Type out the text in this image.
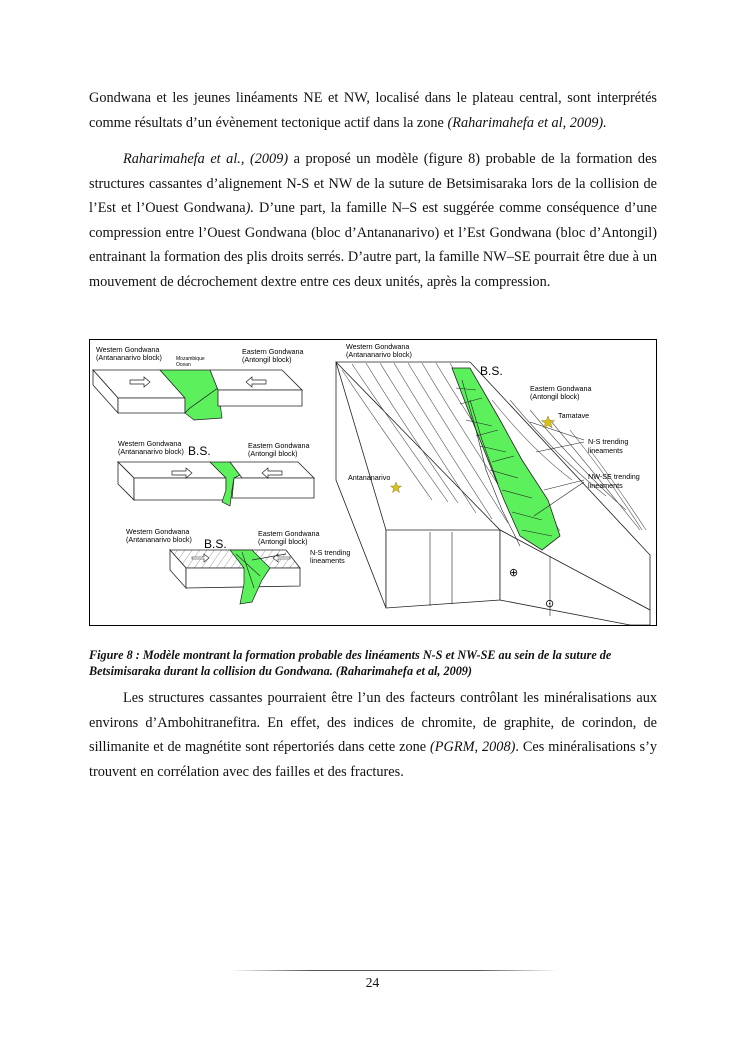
Gondwana et les jeunes linéaments NE et NW, localisé dans le plateau central, sont interprétés comme résultats d’un évènement tectonique actif dans la zone (Raharimahefa et al, 2009).

Raharimahefa et al., (2009) a proposé un modèle (figure 8) probable de la formation des structures cassantes d’alignement N-S et NW de la suture de Betsimisaraka lors de la collision de l’Est et l’Ouest Gondwana). D’une part, la famille N–S est suggérée comme conséquence d’une compression entre l’Ouest Gondwana (bloc d’Antananarivo) et l’Est Gondwana (bloc d’Antongil) entrainant la formation des plis droits serrés. D’autre part, la famille NW–SE pourrait être due à un mouvement de décrochement dextre entre ces deux unités, après la compression.

Western Gondwana
(Antananarivo block)	Mozambique
Ocean
Eastern Gondwana
(Antongil block)
Western Gondwana
(Antananarivo block) B.S.	Eastern Gondwana
(Antongil block)
Western Gondwana
(Antananarivo block) B.S.
Eastern Gondwana
(Antongil block)
N-S trending
lineaments
Western Gondwana
(Antananarivo block)
B.S.
Eastern Gondwana
(Antongil block)
Tamatave
Antananarivo
N-S trending
lineaments
NW-SE trending
lineaments
⊕
⊙

Figure 8 : Modèle montrant la formation probable des linéaments N-S et NW-SE au sein de la suture de Betsimisaraka durant la collision du Gondwana. (Raharimahefa et al, 2009)

Les structures cassantes pourraient être l’un des facteurs contrôlant les minéralisations aux environs d’Ambohitranefitra. En effet, des indices de chromite, de graphite, de corindon, de sillimanite et de magnétite sont répertoriés dans cette zone (PGRM, 2008). Ces minéralisations s’y trouvent en corrélation avec des failles et des fractures.

24
